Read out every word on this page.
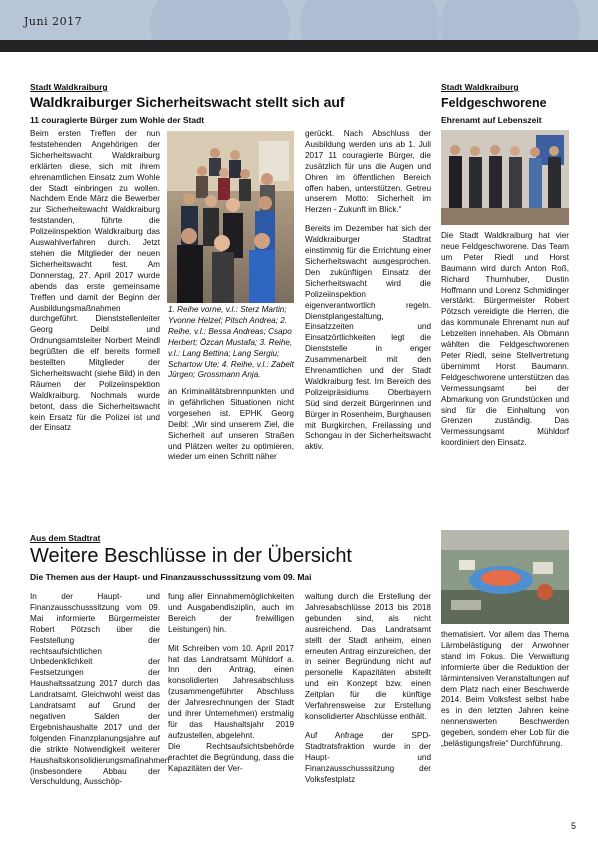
Juni 2017
Stadt Waldkraiburg
Waldkraiburger Sicherheitswacht stellt sich auf
11 couragierte Bürger zum Wohle der Stadt
Beim ersten Treffen der nun feststehenden Angehörigen der Sicherheitswacht Waldkraiburg erklärten diese, sich mit ihrem ehrenamtlichen Einsatz zum Wohle der Stadt einbringen zu wollen. Nachdem Ende März die Bewerber zur Sicherheitswacht Waldkraiburg feststanden, führte die Polizeiinspektion Waldkraiburg das Auswahlverfahren durch. Jetzt stehen die Mitglieder der neuen Sicherheitswacht fest. Am Donnerstag, 27. April 2017 wurde abends das erste gemeinsame Treffen und damit der Beginn der Ausbildungsmaßnahmen durchgeführt. Dienststellenleiter Georg Deibl und Ordnungsamtsleiter Norbert Meindl begrüßten die elf bereits formell bestellten Mitglieder der Sicherheitswacht (siehe Bild) in den Räumen der Polizeiinspektion Waldkraiburg. Nochmals wurde betont, dass die Sicherheitswacht kein Ersatz für die Polizei ist und der Einsatz
1. Reihe vorne, v.l.: Sterz Martin; Yvonne Helzel; Pitsch Andrea; 2. Reihe, v.l.: Bessa Andreas; Csapo Herbert; Özcan Mustafa; 3. Reihe, v.l.: Lang Bettina; Lang Sergiu; Schartow Ute; 4. Reihe, v.l.: Zabelt Jürgen; Grossmann Anja.
an Kriminalitätsbrennpunkten und in gefährlichen Situationen nicht vorgesehen ist. EPHK Georg Deibl: „Wir sind unserem Ziel, die Sicherheit auf unseren Straßen und Plätzen weiter zu optimieren, wieder um einen Schritt näher
gerückt. Nach Abschluss der Ausbildung werden uns ab 1. Juli 2017 11 couragierte Bürger, die zusätzlich für uns die Augen und Ohren im öffentlichen Bereich offen haben, unterstützen. Getreu unserem Motto: Sicherheit im Herzen - Zukunft im Blick.“
Bereits im Dezember hat sich der Waldkraiburger Stadtrat einstimmig für die Errichtung einer Sicherheitswacht ausgesprochen. Den zukünftigen Einsatz der Sicherheitswacht wird die Polizeiinspektion eigenverantwortlich regeln. Dienstplangestaltung, Einsatzzeiten und Einsatzörtlichkeiten legt die Dienststelle in enger Zusammenarbeit mit den Ehrenamtlichen und der Stadt Waldkraiburg fest. Im Bereich des Polizeipräsidiums Oberbayern Süd sind derzeit Bürgerinnen und Bürger in Rosenheim, Burghausen mit Burgkirchen, Freilassing und Schongau in der Sicherheitswacht aktiv.
Stadt Waldkraiburg
Feldgeschworene
Ehrenamt auf Lebenszeit
Die Stadt Waldkraiburg hat vier neue Feldgeschworene. Das Team um Peter Riedl und Horst Baumann wird durch Anton Roß, Richard Thurnhuber, Dustin Hoffmann und Lorenz Schmidinger verstärkt. Bürgermeister Robert Pötzsch vereidigte die Herren, die das kommunale Ehrenamt nun auf Lebzeiten innehaben. Als Obmann wählten die Feldgeschworenen Peter Riedl, seine Stellvertretung übernimmt Horst Baumann. Feldgeschworene unterstützen das Vermessungsamt bei der Abmarkung von Grundstücken und sind für die Einhaltung von Grenzen zuständig. Das Vermessungsamt Mühldorf koordiniert den Einsatz.
Aus dem Stadtrat
Weitere Beschlüsse in der Übersicht
Die Themen aus der Haupt- und Finanzausschusssitzung vom 09. Mai
In der Haupt- und Finanzausschusssitzung vom 09. Mai informierte Bürgermeister Robert Pötzsch über die Feststellung der rechtsaufsichtlichen Unbedenklichkeit der Festsetzungen der Haushaltssatzung 2017 durch das Landratsamt. Gleichwohl weist das Landratsamt auf Grund der negativen Salden der Ergebnishaushalte 2017 und der folgenden Finanzplanungsjahre auf die strikte Notwendigkeit weiterer Haushaltskonsolidierungsmaßnahmen (insbesondere Abbau der Verschuldung, Ausschöp-
fung aller Einnahmemöglichkeiten und Ausgabendisziplin, auch im Bereich der freiwilligen Leistungen) hin.
Mit Schreiben vom 10. April 2017 hat das Landratsamt Mühldorf a. Inn den Antrag, einen konsolidierten Jahresabschluss (zusammengeführter Abschluss der Jahresrechnungen der Stadt und ihrer Unternehmen) erstmalig für das Haushaltsjahr 2019 aufzustellen, abgelehnt.
Die Rechtsaufsichtsbehörde erachtet die Begründung, dass die Kapazitäten der Ver-
waltung durch die Erstellung der Jahresabschlüsse 2013 bis 2018 gebunden sind, als nicht ausreichend. Das Landratsamt stellt der Stadt anheim, einen erneuten Antrag einzureichen, der in seiner Begründung nicht auf personelle Kapazitäten abstellt und ein Konzept bzw. einen Zeitplan für die künftige Verfahrensweise zur Erstellung konsolidierter Abschlüsse enthält.
Auf Anfrage der SPD-Stadtratsfraktion wurde in der Haupt- und Finanzausschusssitzung der Volksfestplatz
thematisiert. Vor allem das Thema Lärmbelästigung der Anwohner stand im Fokus. Die Verwaltung informierte über die Reduktion der lärmintensiven Veranstaltungen auf dem Platz nach einer Beschwerde 2014. Beim Volksfest selbst habe es in den letzten Jahren keine nennenswerten Beschwerden gegeben, sondern eher Lob für die „belästigungsfreie“ Durchführung.
5
